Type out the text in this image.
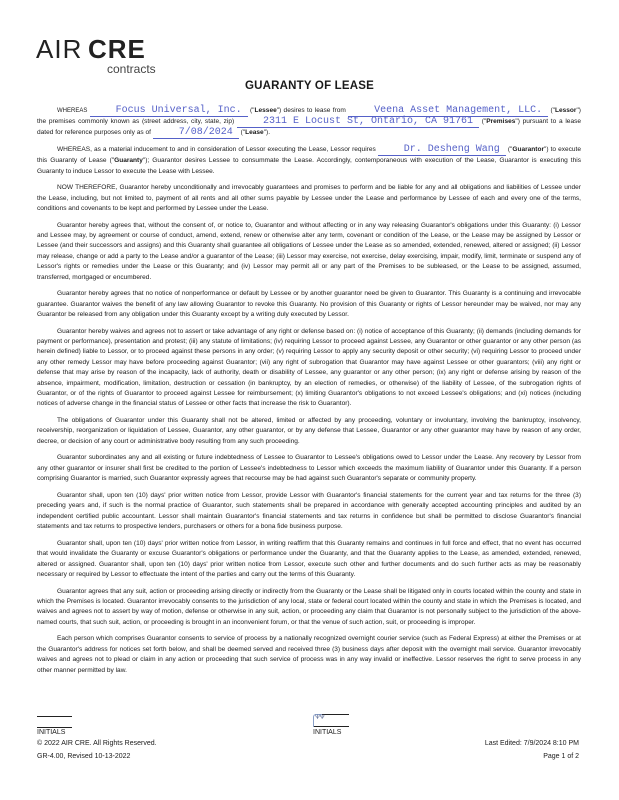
AIR CRE
contracts
GUARANTY OF LEASE

WHEREAS	Focus Universal, Inc. ("Lessee") desires to lease from	Veena Asset Management, LLC. ("Lessor") the premises commonly known as (street address, city, state, zip)	2311 E Locust St, Ontario, CA 91761 ("Premises") pursuant to a lease dated for reference purposes only as of	7/08/2024 ("Lease").

WHEREAS, as a material inducement to and in consideration of Lessor executing the Lease, Lessor requires	Dr. Desheng Wang ("Guarantor") to execute this Guaranty of Lease ("Guaranty"); Guarantor desires Lessee to consummate the Lease. Accordingly, contemporaneous with execution of the Lease, Guarantor is executing this Guaranty to induce Lessor to execute the Lease with Lessee.

NOW THEREFORE, Guarantor hereby unconditionally and irrevocably guarantees and promises to perform and be liable for any and all obligations and liabilities of Lessee under the Lease, including, but not limited to, payment of all rents and all other sums payable by Lessee under the Lease and performance by Lessee of each and every one of the terms, conditions and covenants to be kept and performed by Lessee under the Lease.

Guarantor hereby agrees that, without the consent of, or notice to, Guarantor and without affecting or in any way releasing Guarantor's obligations under this Guaranty: (i) Lessor and Lessee may, by agreement or course of conduct, amend, extend, renew or otherwise alter any term, covenant or condition of the Lease, or the Lease may be assigned by Lessor or Lessee (and their successors and assigns) and this Guaranty shall guarantee all obligations of Lessee under the Lease as so amended, extended, renewed, altered or assigned; (ii) Lessor may release, change or add a party to the Lease and/or a guarantor of the Lease; (iii) Lessor may exercise, not exercise, delay exercising, impair, modify, limit, terminate or suspend any of Lessor's rights or remedies under the Lease or this Guaranty; and (iv) Lessor may permit all or any part of the Premises to be subleased, or the Lease to be assigned, assumed, transferred, mortgaged or encumbered.

Guarantor hereby agrees that no notice of nonperformance or default by Lessee or by another guarantor need be given to Guarantor. This Guaranty is a continuing and irrevocable guarantee. Guarantor waives the benefit of any law allowing Guarantor to revoke this Guaranty. No provision of this Guaranty or rights of Lessor hereunder may be waived, nor may any Guarantor be released from any obligation under this Guaranty except by a writing duly executed by Lessor.

Guarantor hereby waives and agrees not to assert or take advantage of any right or defense based on: (i) notice of acceptance of this Guaranty; (ii) demands (including demands for payment or performance), presentation and protest; (iii) any statute of limitations; (iv) requiring Lessor to proceed against Lessee, any Guarantor or other guarantor or any other person (as herein defined) liable to Lessor, or to proceed against these persons in any order; (v) requiring Lessor to apply any security deposit or other security; (vi) requiring Lessor to proceed under any other remedy Lessor may have before proceeding against Guarantor; (vii) any right of subrogation that Guarantor may have against Lessee or other guarantors; (viii) any right or defense that may arise by reason of the incapacity, lack of authority, death or disability of Lessee, any guarantor or any other person; (ix) any right or defense arising by reason of the absence, impairment, modification, limitation, destruction or cessation (in bankruptcy, by an election of remedies, or otherwise) of the liability of Lessee, of the subrogation rights of Guarantor, or of the rights of Guarantor to proceed against Lessee for reimbursement; (x) limiting Guarantor's obligations to not exceed Lessee's obligations; and (xi) notices (including notices of adverse change in the financial status of Lessee or other facts that increase the risk to Guarantor).

The obligations of Guarantor under this Guaranty shall not be altered, limited or affected by any proceeding, voluntary or involuntary, involving the bankruptcy, insolvency, receivership, reorganization or liquidation of Lessee, Guarantor, any other guarantor, or by any defense that Lessee, Guarantor or any other guarantor may have by reason of any order, decree, or decision of any court or administrative body resulting from any such proceeding.

Guarantor subordinates any and all existing or future indebtedness of Lessee to Guarantor to Lessee's obligations owed to Lessor under the Lease. Any recovery by Lessor from any other guarantor or insurer shall first be credited to the portion of Lessee's indebtedness to Lessor which exceeds the maximum liability of Guarantor under this Guaranty. If a person comprising Guarantor is married, such Guarantor expressly agrees that recourse may be had against such Guarantor's separate or community property.

Guarantor shall, upon ten (10) days' prior written notice from Lessor, provide Lessor with Guarantor's financial statements for the current year and tax returns for the three (3) preceding years and, if such is the normal practice of Guarantor, such statements shall be prepared in accordance with generally accepted accounting principles and audited by an independent certified public accountant. Lessor shall maintain Guarantor's financial statements and tax returns in confidence but shall be permitted to disclose Guarantor's financial statements and tax returns to prospective lenders, purchasers or others for a bona fide business purpose.

Guarantor shall, upon ten (10) days' prior written notice from Lessor, in writing reaffirm that this Guaranty remains and continues in full force and effect, that no event has occurred that would invalidate the Guaranty or excuse Guarantor's obligations or performance under the Guaranty, and that the Guaranty applies to the Lease, as amended, extended, renewed, altered or assigned. Guarantor shall, upon ten (10) days' prior written notice from Lessor, execute such other and further documents and do such further acts as may be reasonably necessary or required by Lessor to effectuate the intent of the parties and carry out the terms of this Guaranty.

Guarantor agrees that any suit, action or proceeding arising directly or indirectly from the Guaranty or the Lease shall be litigated only in courts located within the county and state in which the Premises is located. Guarantor irrevocably consents to the jurisdiction of any local, state or federal court located within the county and state in which the Premises is located, and waives and agrees not to assert by way of motion, defense or otherwise in any suit, action, or proceeding any claim that Guarantor is not personally subject to the jurisdiction of the above-named courts, that such suit, action, or proceeding is brought in an inconvenient forum, or that the venue of such action, suit, or proceeding is improper.

Each person which comprises Guarantor consents to service of process by a nationally recognized overnight courier service (such as Federal Express) at either the Premises or at the Guarantor's address for notices set forth below, and shall be deemed served and received three (3) business days after deposit with the overnight mail service. Guarantor irrevocably waives and agrees not to plead or claim in any action or proceeding that such service of process was in any way invalid or ineffective. Lessor reserves the right to serve process in any other manner permitted by law.

INITIALS
ѰѰ
INITIALS
© 2022 AIR CRE. All Rights Reserved.
GR-4.00, Revised 10-13-2022
Last Edited: 7/9/2024 8:10 PM
Page 1 of 2
